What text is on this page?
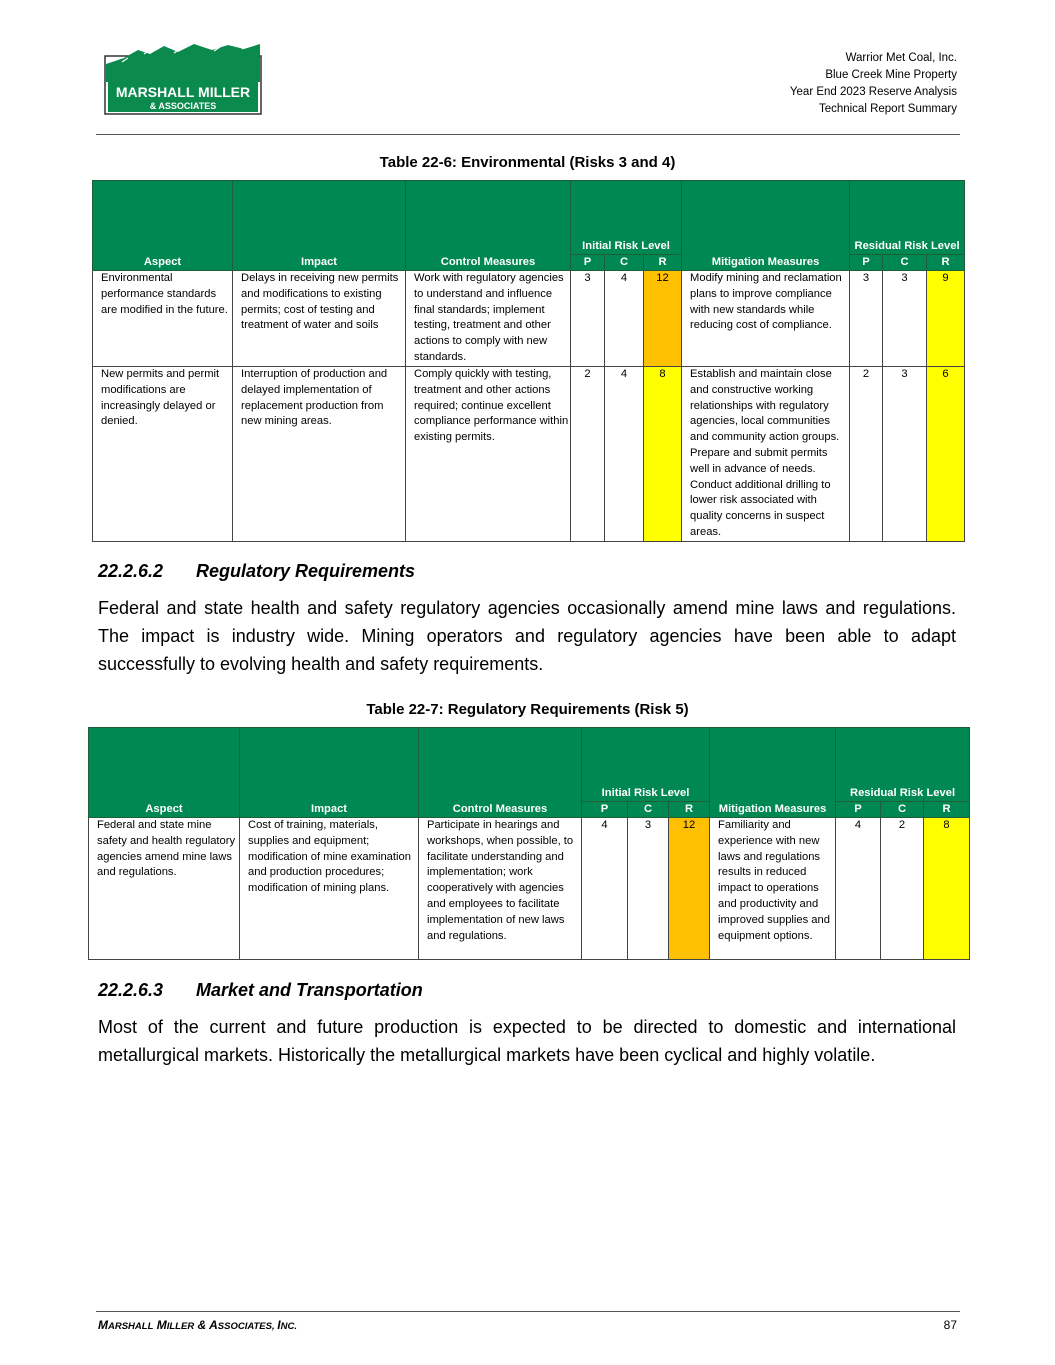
MARSHALL MILLER
& ASSOCIATES
Warrior Met Coal, Inc.
Blue Creek Mine Property
Year End 2023 Reserve Analysis
Technical Report Summary
Table 22-6: Environmental (Risks 3 and 4)
Aspect	Impact	Control Measures	Initial Risk Level			Mitigation Measures	Residual Risk Level		
			P	C	R		P	C	R
Environmental performance standards are modified in the future.	Delays in receiving new permits and modifications to existing permits; cost of testing and treatment of water and soils	Work with regulatory agencies to understand and influence final standards; implement testing, treatment and other actions to comply with new standards.	3	4	12	Modify mining and reclamation plans to improve compliance with new standards while reducing cost of compliance.	3	3	9
New permits and permit modifications are increasingly delayed or denied.	Interruption of production and delayed implementation of replacement production from new mining areas.	Comply quickly with testing, treatment and other actions required; continue excellent compliance performance within existing permits.	2	4	8	Establish and maintain close and constructive working relationships with regulatory agencies, local communities and community action groups. Prepare and submit permits well in advance of needs. Conduct additional drilling to lower risk associated with quality concerns in suspect areas.	2	3	6
22.2.6.2 Regulatory Requirements
Federal and state health and safety regulatory agencies occasionally amend mine laws and regulations. The impact is industry wide. Mining operators and regulatory agencies have been able to adapt successfully to evolving health and safety requirements.
Table 22-7: Regulatory Requirements (Risk 5)
Aspect	Impact	Control Measures	Initial Risk Level			Mitigation Measures	Residual Risk Level		
			P	C	R		P	C	R
Federal and state mine safety and health regulatory agencies amend mine laws and regulations.	Cost of training, materials, supplies and equipment; modification of mine examination and production procedures; modification of mining plans.	Participate in hearings and workshops, when possible, to facilitate understanding and implementation; work cooperatively with agencies and employees to facilitate implementation of new laws and regulations.	4	3	12	Familiarity and experience with new laws and regulations results in reduced impact to operations and productivity and improved supplies and equipment options.	4	2	8
22.2.6.3 Market and Transportation
Most of the current and future production is expected to be directed to domestic and international metallurgical markets. Historically the metallurgical markets have been cyclical and highly volatile.
MARSHALL MILLER & ASSOCIATES, INC.	87
